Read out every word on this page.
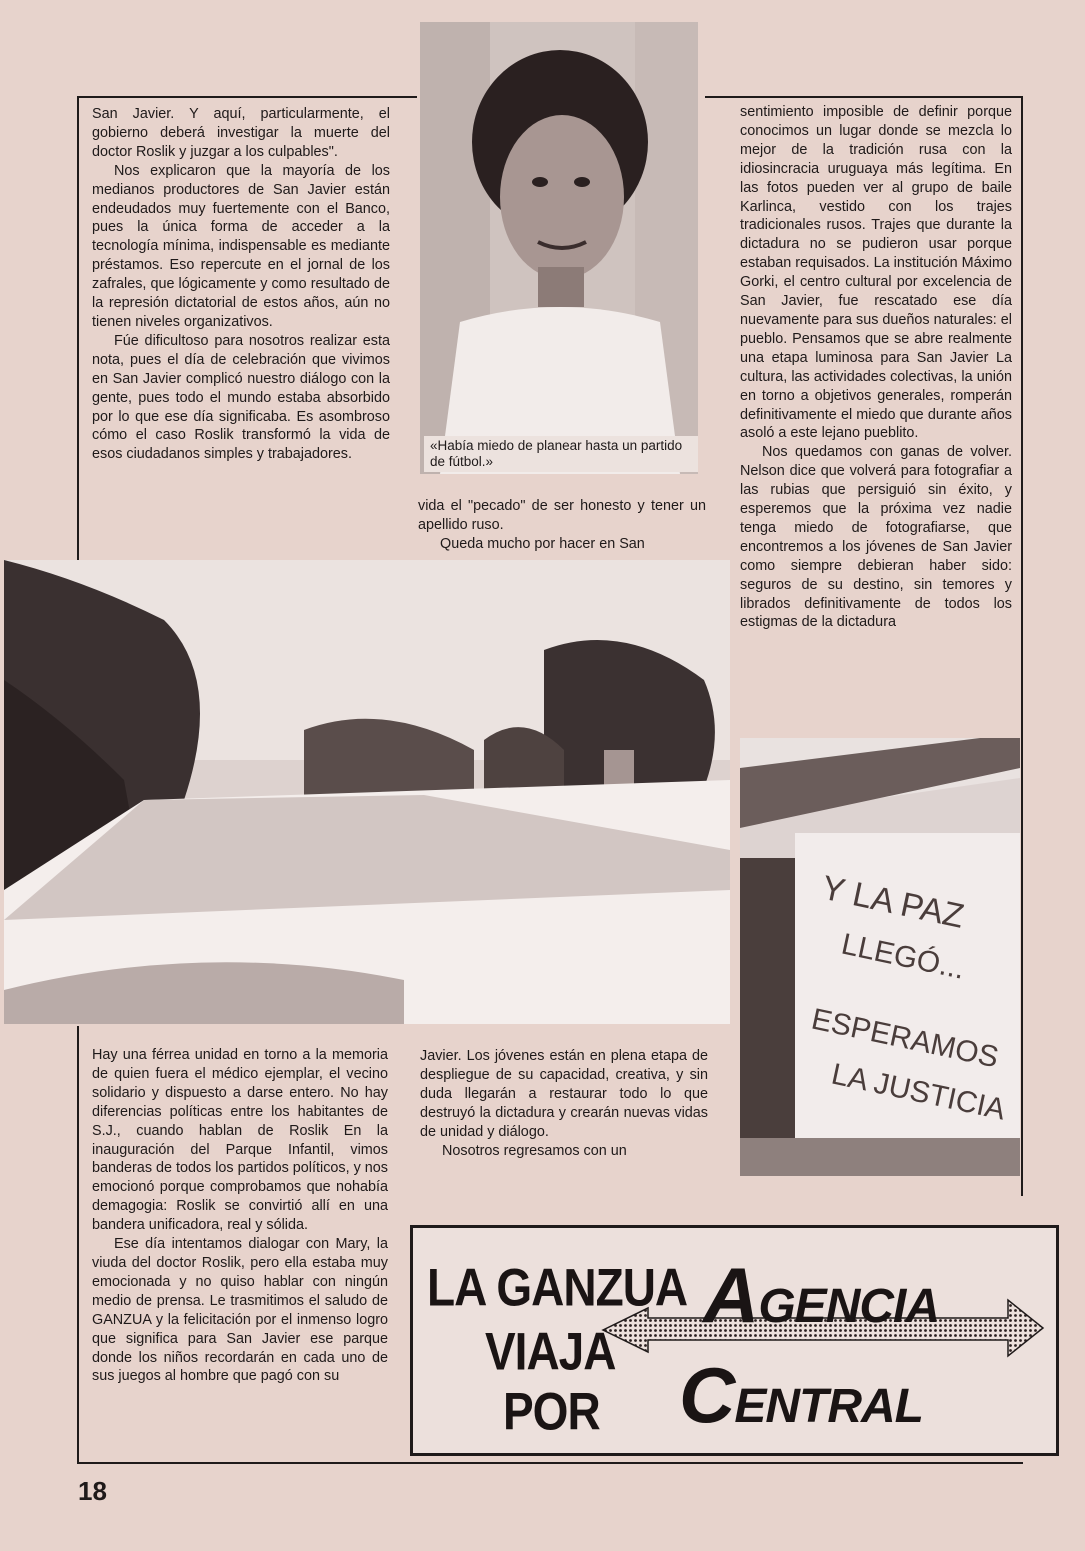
San Javier. Y aquí, particularmente, el gobierno deberá investigar la muerte del doctor Roslik y juzgar a los culpables".

Nos explicaron que la mayoría de los medianos productores de San Javier están endeudados muy fuertemente con el Banco, pues la única forma de acceder a la tecnología mínima, indispensable es mediante préstamos. Eso repercute en el jornal de los zafrales, que lógicamente y como resultado de la represión dictatorial de estos años, aún no tienen niveles organizativos.

Fúe dificultoso para nosotros realizar esta nota, pues el día de celebración que vivimos en San Javier complicó nuestro diálogo con la gente, pues todo el mundo estaba absorbido por lo que ese día significaba. Es asombroso cómo el caso Roslik transformó la vida de esos ciudadanos simples y trabajadores.

«Había miedo de planear hasta un partido de fútbol.»

vida el "pecado" de ser honesto y tener un apellido ruso.

Queda mucho por hacer en San

sentimiento imposible de definir porque conocimos un lugar donde se mezcla lo mejor de la tradición rusa con la idiosincracia uruguaya más legítima. En las fotos pueden ver al grupo de baile Karlinca, vestido con los trajes tradicionales rusos. Trajes que durante la dictadura no se pudieron usar porque estaban requisados. La institución Máximo Gorki, el centro cultural por excelencia de San Javier, fue rescatado ese día nuevamente para sus dueños naturales: el pueblo. Pensamos que se abre realmente una etapa luminosa para San Javier La cultura, las actividades colectivas, la unión en torno a objetivos generales, romperán definitivamente el miedo que durante años asoló a este lejano pueblito.

Nos quedamos con ganas de volver. Nelson dice que volverá para fotografiar a las rubias que persiguió sin éxito, y esperemos que la próxima vez nadie tenga miedo de fotografiarse, que encontremos a los jóvenes de San Javier como siempre debieran haber sido: seguros de su destino, sin temores y librados definitivamente de todos los estigmas de la dictadura

Y LA PAZ
LLEGÓ...
ESPERAMOS
LA JUSTICIA

Hay una férrea unidad en torno a la memoria de quien fuera el médico ejemplar, el vecino solidario y dispuesto a darse entero. No hay diferencias políticas entre los habitantes de S.J., cuando hablan de Roslik En la inauguración del Parque Infantil, vimos banderas de todos los partidos políticos, y nos emocionó porque comprobamos que nohabía demagogia: Roslik se convirtió allí en una bandera unificadora, real y sólida.

Ese día intentamos dialogar con Mary, la viuda del doctor Roslik, pero ella estaba muy emocionada y no quiso hablar con ningún medio de prensa. Le trasmitimos el saludo de GANZUA y la felicitación por el inmenso logro que significa para San Javier ese parque donde los niños recordarán en cada uno de sus juegos al hombre que pagó con su

Javier. Los jóvenes están en plena etapa de despliegue de su capacidad, creativa, y sin duda llegarán a restaurar todo lo que destruyó la dictadura y crearán nuevas vidas de unidad y diálogo.

Nosotros regresamos con un

LA GANZUA
VIAJA
POR
AGENCIA
CENTRAL
18
